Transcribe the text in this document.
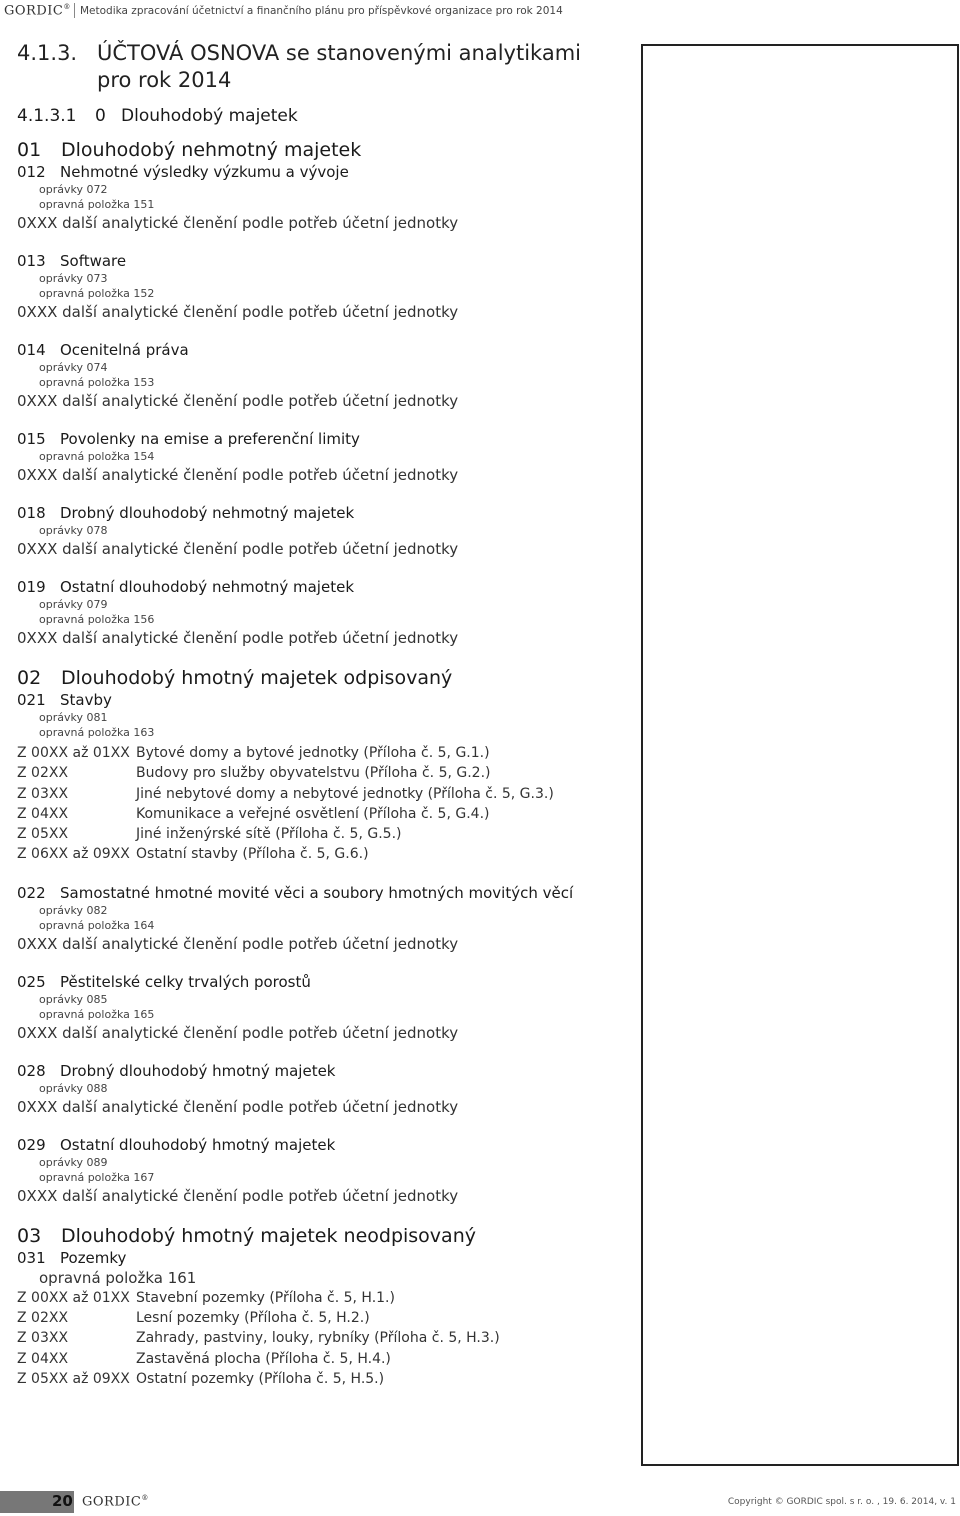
GORDIC® Metodika zpracování účetnictví a finančního plánu pro příspěvkové organizace pro rok 2014
4.1.3. ÚČTOVÁ OSNOVA se stanovenými analytikami pro rok 2014
4.1.3.1 0 Dlouhodobý majetek
01 Dlouhodobý nehmotný majetek
012 Nehmotné výsledky výzkumu a vývoje
oprávky 072
opravná položka 151
0XXX další analytické členění podle potřeb účetní jednotky
013 Software
oprávky 073
opravná položka 152
0XXX další analytické členění podle potřeb účetní jednotky
014 Ocenitelná práva
oprávky 074
opravná položka 153
0XXX další analytické členění podle potřeb účetní jednotky
015 Povolenky na emise a preferenční limity
opravná položka 154
0XXX další analytické členění podle potřeb účetní jednotky
018 Drobný dlouhodobý nehmotný majetek
oprávky 078
0XXX další analytické členění podle potřeb účetní jednotky
019 Ostatní dlouhodobý nehmotný majetek
oprávky 079
opravná položka 156
0XXX další analytické členění podle potřeb účetní jednotky
02 Dlouhodobý hmotný majetek odpisovaný
021 Stavby
oprávky 081
opravná položka 163
Z 00XX až 01XX Bytové domy a bytové jednotky (Příloha č. 5, G.1.)
Z 02XX	Budovy pro služby obyvatelstvu (Příloha č. 5, G.2.)
Z 03XX	Jiné nebytové domy a nebytové jednotky (Příloha č. 5, G.3.)
Z 04XX	Komunikace a veřejné osvětlení (Příloha č. 5, G.4.)
Z 05XX	Jiné inženýrské sítě (Příloha č. 5, G.5.)
Z 06XX až 09XX Ostatní stavby (Příloha č. 5, G.6.)
022 Samostatné hmotné movité věci a soubory hmotných movitých věcí
oprávky 082
opravná položka 164
0XXX další analytické členění podle potřeb účetní jednotky
025 Pěstitelské celky trvalých porostů
oprávky 085
opravná položka 165
0XXX další analytické členění podle potřeb účetní jednotky
028 Drobný dlouhodobý hmotný majetek
oprávky 088
0XXX další analytické členění podle potřeb účetní jednotky
029 Ostatní dlouhodobý hmotný majetek
oprávky 089
opravná položka 167
0XXX další analytické členění podle potřeb účetní jednotky
03 Dlouhodobý hmotný majetek neodpisovaný
031 Pozemky
opravná položka 161
Z 00XX až 01XX Stavební pozemky (Příloha č. 5, H.1.)
Z 02XX	Lesní pozemky (Příloha č. 5, H.2.)
Z 03XX	Zahrady, pastviny, louky, rybníky (Příloha č. 5, H.3.)
Z 04XX	Zastavěná plocha (Příloha č. 5, H.4.)
Z 05XX až 09XX Ostatní pozemky (Příloha č. 5, H.5.)
20 GORDIC®	Copyright © GORDIC spol. s r. o. , 19. 6. 2014, v. 1
